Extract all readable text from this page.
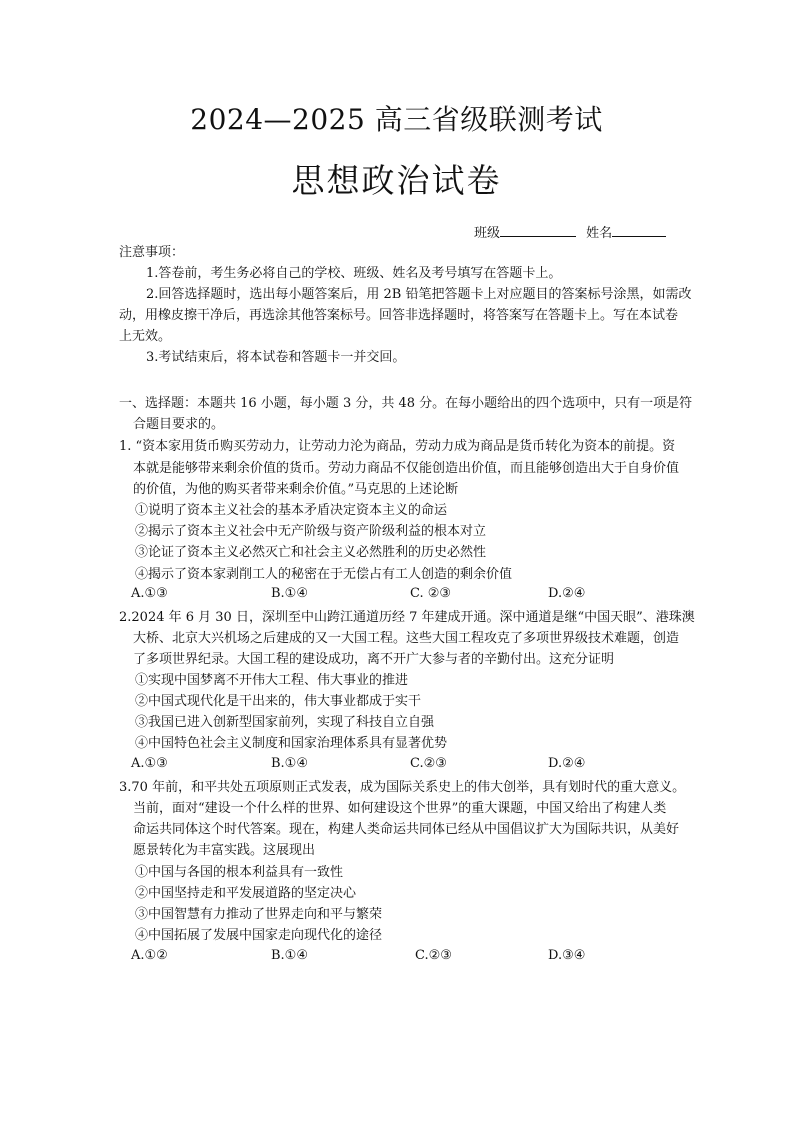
2024—2025 高三省级联测考试
思想政治试卷
班级	姓名
注意事项：
1.答卷前，考生务必将自己的学校、班级、姓名及考号填写在答题卡上。
2.回答选择题时，选出每小题答案后，用 2B 铅笔把答题卡上对应题目的答案标号涂黑，如需改
动，用橡皮擦干净后，再选涂其他答案标号。回答非选择题时，将答案写在答题卡上。写在本试卷
上无效。
3.考试结束后，将本试卷和答题卡一并交回。
一、选择题：本题共 16 小题，每小题 3 分，共 48 分。在每小题给出的四个选项中，只有一项是符
合题目要求的。
1. “资本家用货币购买劳动力，让劳动力沦为商品，劳动力成为商品是货币转化为资本的前提。资
本就是能够带来剩余价值的货币。劳动力商品不仅能创造出价值，而且能够创造出大于自身价值
的价值，为他的购买者带来剩余价值。”马克思的上述论断
①说明了资本主义社会的基本矛盾决定资本主义的命运
②揭示了资本主义社会中无产阶级与资产阶级利益的根本对立
③论证了资本主义必然灭亡和社会主义必然胜利的历史必然性
④揭示了资本家剥削工人的秘密在于无偿占有工人创造的剩余价值
A.①③	B.①④	C. ②③	D.②④
2.2024 年 6 月 30 日，深圳至中山跨江通道历经 7 年建成开通。深中通道是继“中国天眼”、港珠澳
大桥、北京大兴机场之后建成的又一大国工程。这些大国工程攻克了多项世界级技术难题，创造
了多项世界纪录。大国工程的建设成功，离不开广大参与者的辛勤付出。这充分证明
①实现中国梦离不开伟大工程、伟大事业的推进
②中国式现代化是干出来的，伟大事业都成于实干
③我国已进入创新型国家前列，实现了科技自立自强
④中国特色社会主义制度和国家治理体系具有显著优势
A.①③	B.①④	C.②③	D.②④
3.70 年前，和平共处五项原则正式发表，成为国际关系史上的伟大创举，具有划时代的重大意义。
当前，面对“建设一个什么样的世界、如何建设这个世界”的重大课题，中国又给出了构建人类
命运共同体这个时代答案。现在，构建人类命运共同体已经从中国倡议扩大为国际共识，从美好
愿景转化为丰富实践。这展现出
①中国与各国的根本利益具有一致性
②中国坚持走和平发展道路的坚定决心
③中国智慧有力推动了世界走向和平与繁荣
④中国拓展了发展中国家走向现代化的途径
A.①②	B.①④	C.②③	D.③④
